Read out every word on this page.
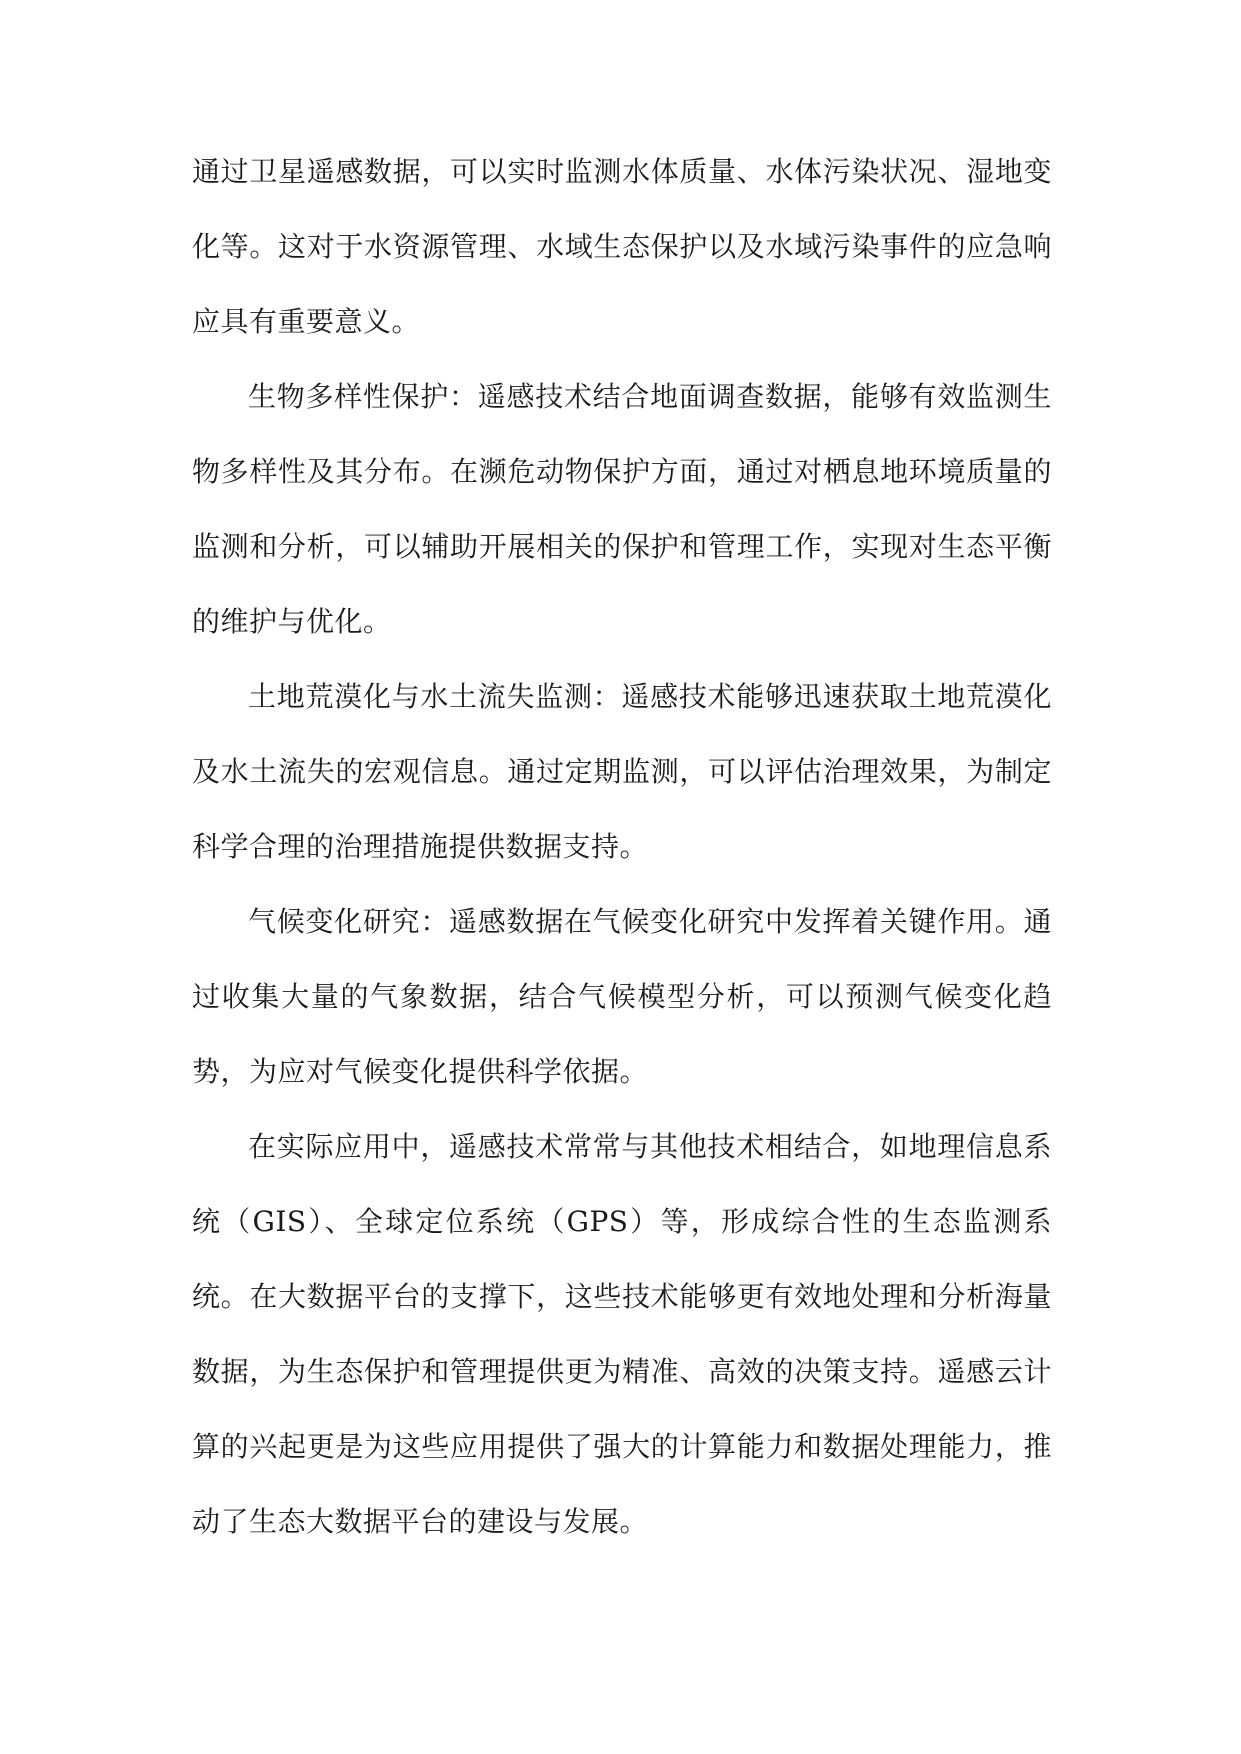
通过卫星遥感数据，可以实时监测水体质量、水体污染状况、湿地变化等。这对于水资源管理、水域生态保护以及水域污染事件的应急响应具有重要意义。

生物多样性保护：遥感技术结合地面调查数据，能够有效监测生物多样性及其分布。在濒危动物保护方面，通过对栖息地环境质量的监测和分析，可以辅助开展相关的保护和管理工作，实现对生态平衡的维护与优化。

土地荒漠化与水土流失监测：遥感技术能够迅速获取土地荒漠化及水土流失的宏观信息。通过定期监测，可以评估治理效果，为制定科学合理的治理措施提供数据支持。

气候变化研究：遥感数据在气候变化研究中发挥着关键作用。通过收集大量的气象数据，结合气候模型分析，可以预测气候变化趋势，为应对气候变化提供科学依据。

在实际应用中，遥感技术常常与其他技术相结合，如地理信息系统（GIS）、全球定位系统（GPS）等，形成综合性的生态监测系统。在大数据平台的支撑下，这些技术能够更有效地处理和分析海量数据，为生态保护和管理提供更为精准、高效的决策支持。遥感云计算的兴起更是为这些应用提供了强大的计算能力和数据处理能力，推动了生态大数据平台的建设与发展。
